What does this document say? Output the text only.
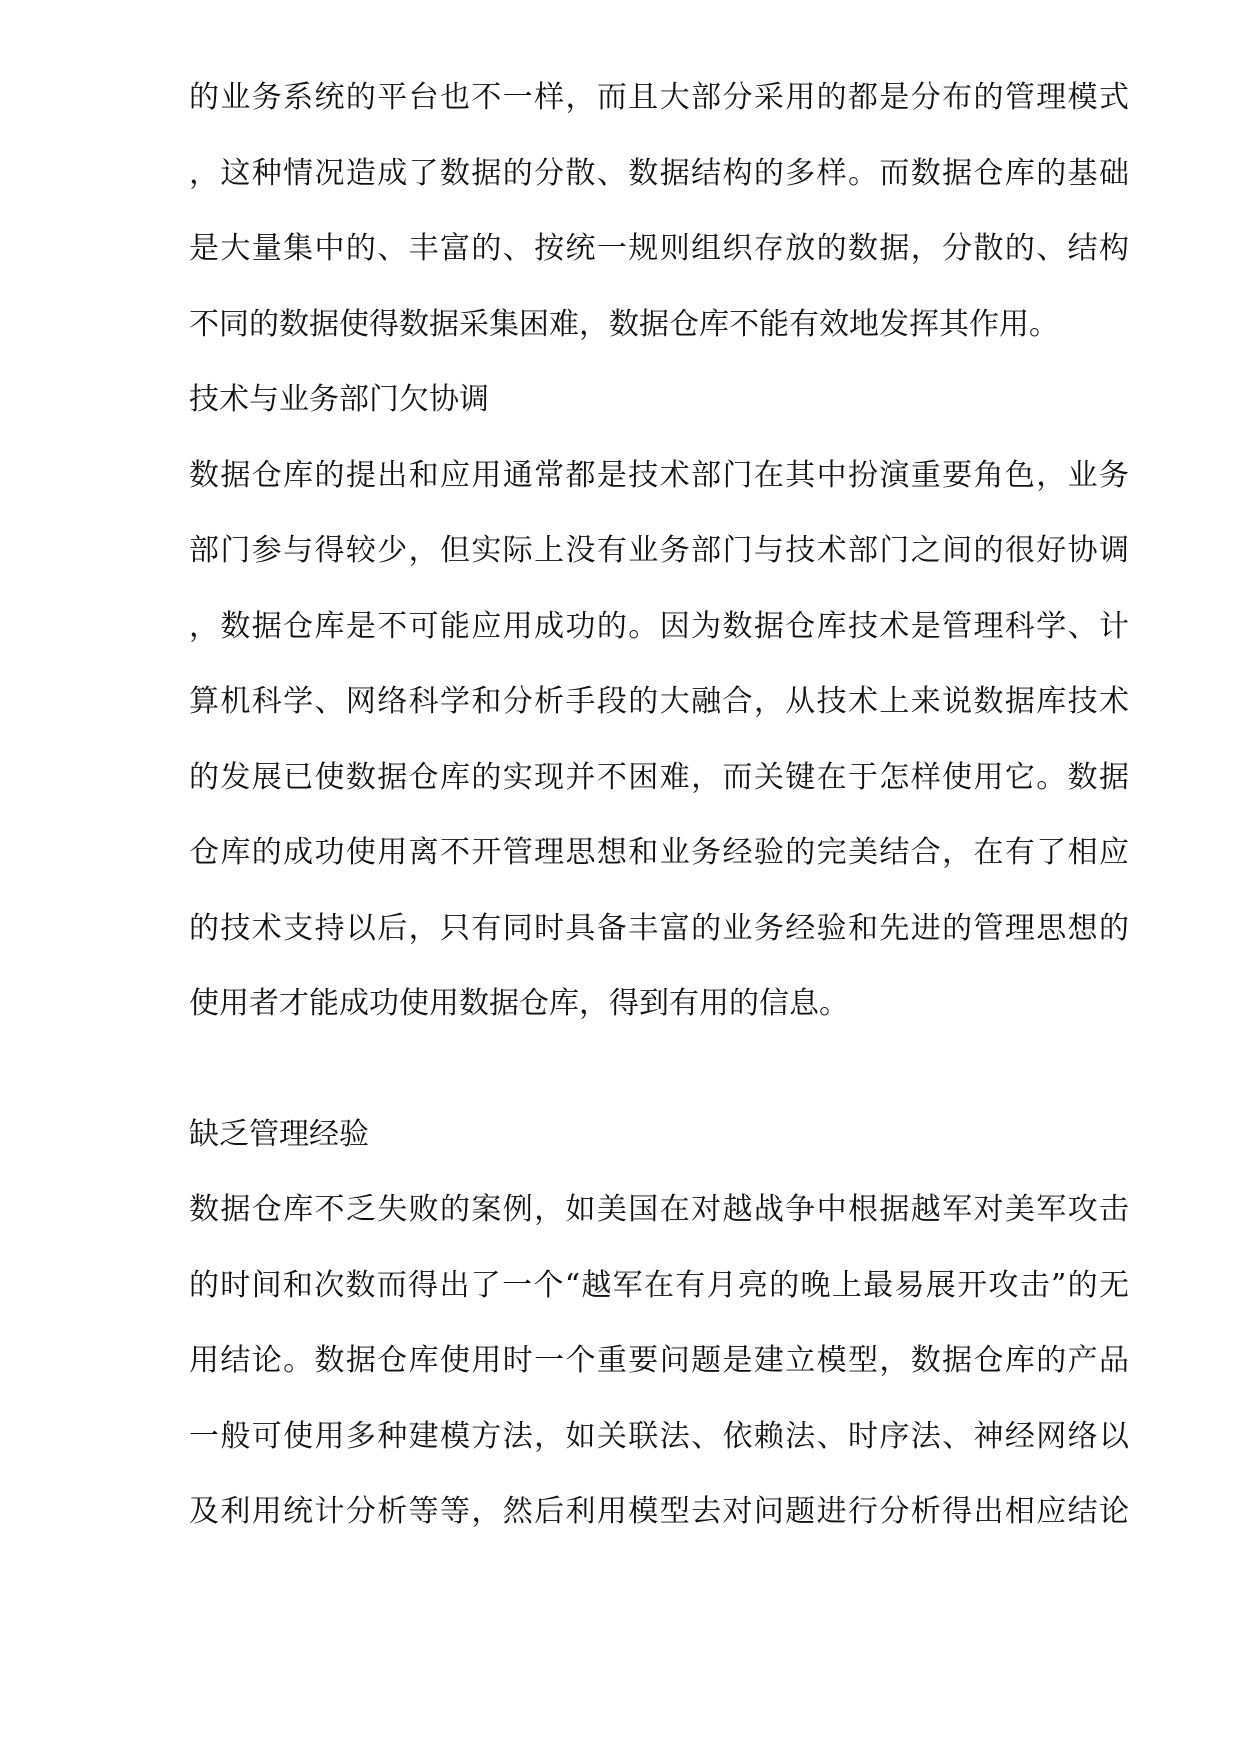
的业务系统的平台也不一样，而且大部分采用的都是分布的管理模式
，这种情况造成了数据的分散、数据结构的多样。而数据仓库的基础
是大量集中的、丰富的、按统一规则组织存放的数据，分散的、结构
不同的数据使得数据采集困难，数据仓库不能有效地发挥其作用。
技术与业务部门欠协调
数据仓库的提出和应用通常都是技术部门在其中扮演重要角色，业务
部门参与得较少，但实际上没有业务部门与技术部门之间的很好协调
，数据仓库是不可能应用成功的。因为数据仓库技术是管理科学、计
算机科学、网络科学和分析手段的大融合，从技术上来说数据库技术
的发展已使数据仓库的实现并不困难，而关键在于怎样使用它。数据
仓库的成功使用离不开管理思想和业务经验的完美结合，在有了相应
的技术支持以后，只有同时具备丰富的业务经验和先进的管理思想的
使用者才能成功使用数据仓库，得到有用的信息。
缺乏管理经验
数据仓库不乏失败的案例，如美国在对越战争中根据越军对美军攻击
的时间和次数而得出了一个“越军在有月亮的晚上最易展开攻击”的无
用结论。数据仓库使用时一个重要问题是建立模型，数据仓库的产品
一般可使用多种建模方法，如关联法、依赖法、时序法、神经网络以
及利用统计分析等等，然后利用模型去对问题进行分析得出相应结论
